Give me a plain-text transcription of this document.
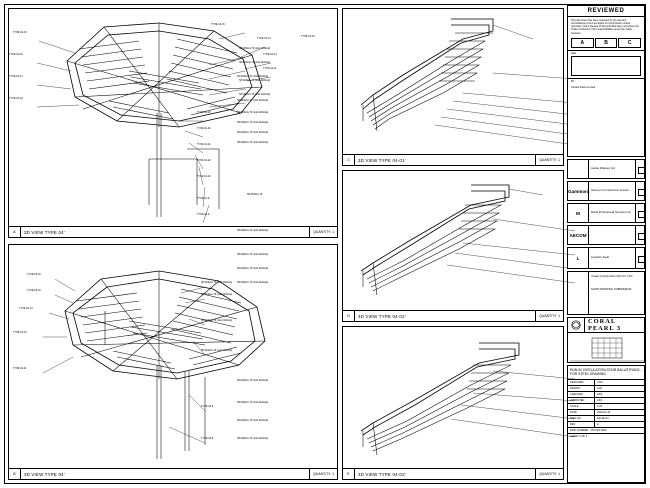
TYPE 04-15
TYPE 04-13
SP10/Row 7# (L&1 ANGLE)
TYPE 04-12
SP10/Row 7# (L&1 ANGLE)
TYPE 04-11
SP10/Row 7# (L&1 ANGLE)
SP10/Row 7# (L&1 ANGLE)
TYPE 04-15
TYPE 04-16
TYPE 04-17
TYPE 04-18
TYPE 04-19
TYPE 04-20
TYPE 04-21
TYPE 04-22
TYPE 04-23
TYPE 04-8
TYPE 04-9
A	3D VIEW TYPE 04'	QUANTITY: 1
TYPE 04-15
TYPE 04-16
SP10/Row 7# (L&1 ANGLE)
SP10/Row 7# (L&1 ANGLE)
TYPE 04-13
SP10/Row 7# (L&1 ANGLE)
TYPE 04-14
SP10/Row 7# (L&1 ANGLE)
TYPE 04-11
TYPE 04-9
TYPE 04-8
B	3D VIEW TYPE 04'	QUANTITY: 1
TYPE 04-15
SP10/Row 7# (L&1 ANGLE)
SP10/Row 7# (L&1 ANGLE)
SP10/Row 7# (L&1 ANGLE)
SP10/Row 7# (L&1 ANGLE)
SP10/Row 7# (L&1 ANGLE)
SP10/Row 7# (L&1 ANGLE)
C	3D VIEW TYPE 04-01'	QUANTITY: 1
SP10/Row 7#
SP10/Row 7# (L&1 ANGLE)
SP10/Row 7# (L&1 ANGLE)
SP10/Row 7# (L&1 ANGLE)
SP10/Row 7# (L&1 ANGLE)
D	3D VIEW TYPE 04-02'	QUANTITY: 1
SP10/Row 7# (L&1 ANGLE)
SP10/Row 7# (L&1 ANGLE)
SP10/Row 7# (L&1 ANGLE)
SP10/Row 7# (L&1 ANGLE)
E	3D VIEW TYPE 04-03'	QUANTITY: 1
REVIEWED
This document has been reviewed by the relevant Consultant(s) and is accepted for Construction unless otherwise noted. Review of this submittal does not relieve the Trade Contractor of his responsibilities under the Trade Contract.
A	B	C
Date :
BY :
Hewlett Direct Limited
Aedas (Macau) Ltd.
Gammon	Gammon Construction Limited
M	Maria Professional Services Ltd.
AECOM
L	Langdon Seah
Yoales Construction (M) CO. LTD.
SHOP DRAWING SUBMISSION
CORAL PEARL 3
RUN-IN CIRCULATION STAIR BALUSTRADE - FOR STEEL DRAWING
DESIGNED	CAD
DRAWN	LAD
CHECKED	AKS
APPROVED	AKS
SCALE	1:25
DATE	2018-02-15
DWG NO.	SD-3D-04
REV	A
DWG NUMBER : CP3-SD-0400
SHEET 1 OF 1
